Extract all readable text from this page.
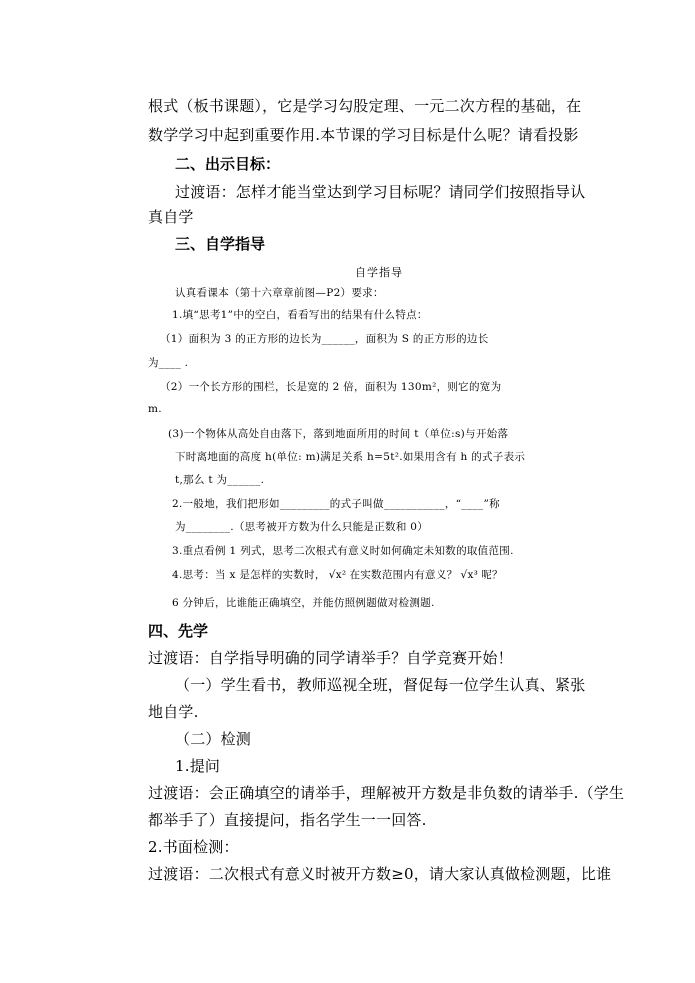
根式（板书课题），它是学习勾股定理、一元二次方程的基础，在
数学学习中起到重要作用.本节课的学习目标是什么呢？请看投影
二、出示目标：
过渡语：怎样才能当堂达到学习目标呢？请同学们按照指导认
真自学
三、自学指导
自学指导
认真看课本（第十六章章前图—P2）要求：
1.填“思考1”中的空白，看看写出的结果有什么特点：
（1）面积为 3 的正方形的边长为______，面积为 S 的正方形的边长
为____ .
（2）一个长方形的围栏，长是宽的 2 倍，面积为 130m²，则它的宽为
m.
(3)一个物体从高处自由落下，落到地面所用的时间 t（单位:s)与开始落
下时离地面的高度 h(单位: m)满足关系 h=5t².如果用含有 h 的式子表示
t,那么 t 为______.
2.一般地，我们把形如_________的式子叫做___________，“____”称
为________.（思考被开方数为什么只能是正数和 0）
3.重点看例 1 列式，思考二次根式有意义时如何确定未知数的取值范围.
4.思考：当 x 是怎样的实数时， √x² 在实数范围内有意义？ √x³ 呢？
6 分钟后，比谁能正确填空，并能仿照例题做对检测题.
四、先学
过渡语：自学指导明确的同学请举手？自学竞赛开始！
（一）学生看书，教师巡视全班，督促每一位学生认真、紧张
地自学.
（二）检测
1.提问
过渡语：会正确填空的请举手，理解被开方数是非负数的请举手.（学生
都举手了）直接提问，指名学生一一回答.
2.书面检测：
过渡语：二次根式有意义时被开方数≥0，请大家认真做检测题，比谁
